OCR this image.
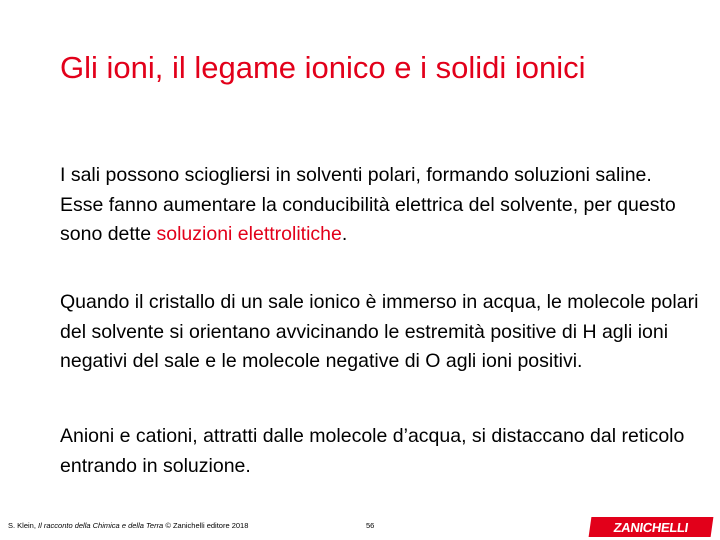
Gli ioni, il legame ionico e i solidi ionici

I sali possono sciogliersi in solventi polari, formando soluzioni saline. Esse fanno aumentare la conducibilità elettrica del solvente, per questo sono dette soluzioni elettrolitiche.

Quando il cristallo di un sale ionico è immerso in acqua, le molecole polari del solvente si orientano avvicinando le estremità positive di H agli ioni negativi del sale e le molecole negative di O agli ioni positivi.

Anioni e cationi, attratti dalle molecole d’acqua, si distaccano dal reticolo entrando in soluzione.

S. Klein, Il racconto della Chimica e della Terra © Zanichelli editore 2018	56	ZANICHELLI
